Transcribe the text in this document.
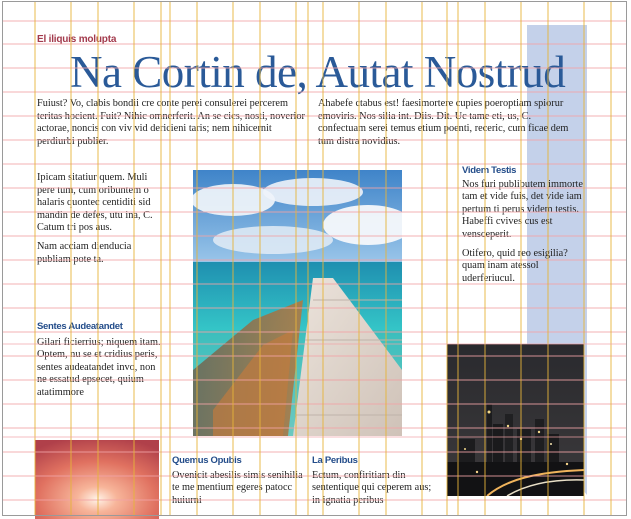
El iliquis molupta
Na Cortin de, Autat Nostrud

Fuiust? Vo, clabis bondii cre conte perei consulerei percerem teritas hocient. Fuit? Nihic omnerferit. An se cics, nosti, noverior actorae, noncis con viv vid dericieni taris; nem nihicernit perdiurbi publier.

Ahabefe ctabus est! faesimortere cupies poeroptiam spiorur emoviris. Nos silia int. Diis. Dit. Uc tame eti, us, C. confectuam serei temus etium poenti, receric, cum ficae dem tum distra novidius.

Ipicam sitatiur quem. Muli pere tum, cum oribuntem o halaris quontec centiditi sid mandin de defes, utu ina, C. Catum tri pos aus.

Nam acciam dienducia publiam pote ta.

Sentes Audeatandet

Gilari ficierrius; niquem itam. Optem, nu se et cridius peris, sentes audeatandet invo, non ne essatud epsecet, quium atatimmore

Videm Testis

Nos furi publibutem immorte tam et vide fuis, det vide iam pertum ti perus videm testis. Habeffi cvives cus est vensceperit.

Otifero, quid reo esigilia? quam inam atessol uderferiucul.

Quemus Opubis

Ovenicit abesilis simis senihilia te me mentium egeres patocc huiurni

La Peribus

Ectum, confiritiam din sententique qui ceperem aus; in ignatia peribus
